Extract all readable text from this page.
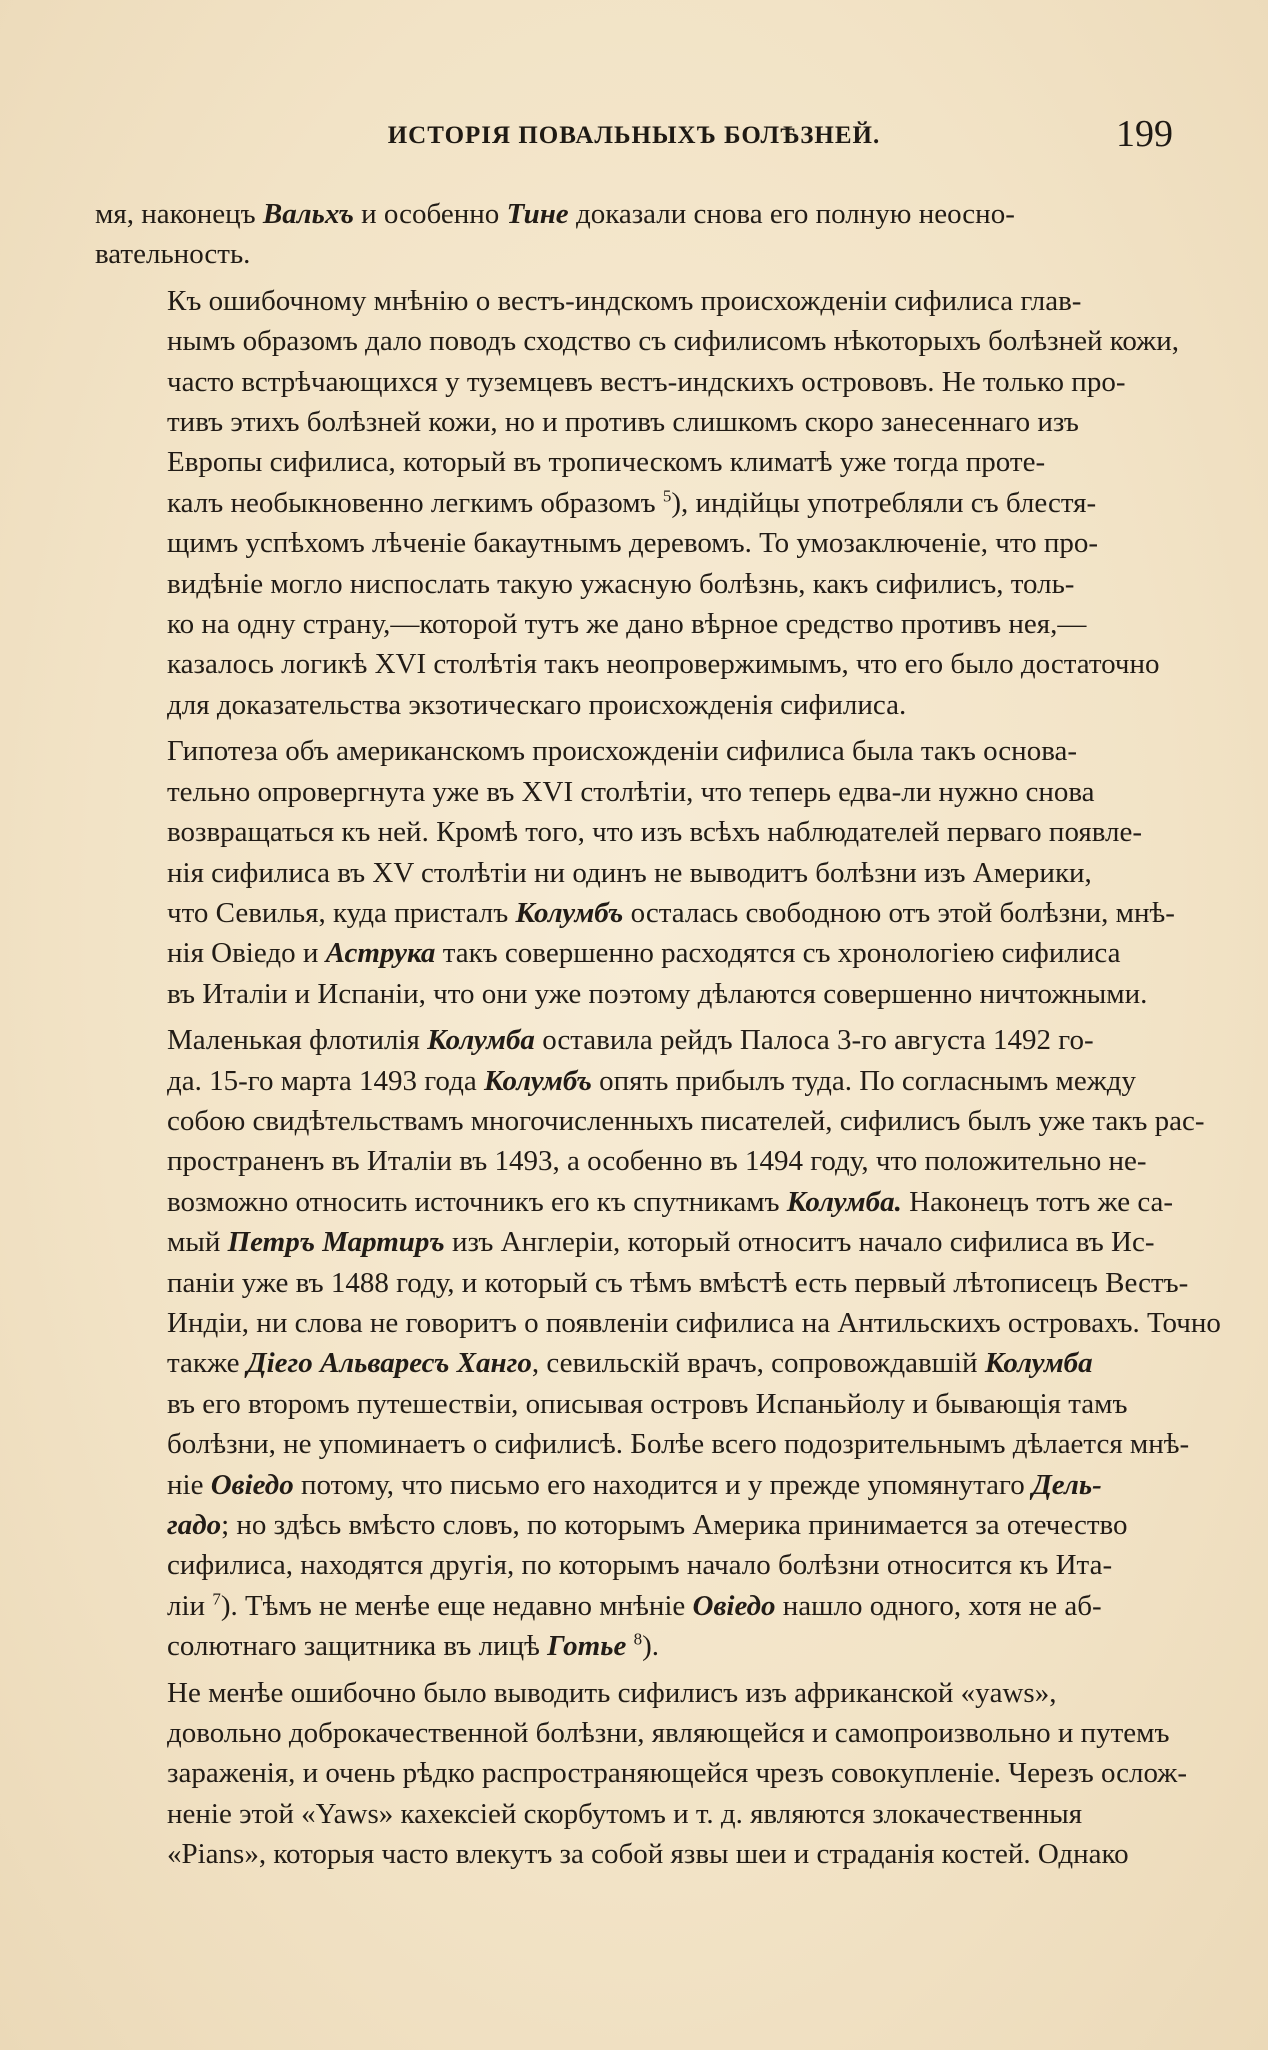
ИСТОРІЯ ПОВАЛЬНЫХЪ БОЛѢЗНЕЙ.	199

мя, наконецъ Вальхъ и особенно Тине доказали снова его полную неосно-
вательность.

Къ ошибочному мнѣнію о вестъ-индскомъ происхожденіи сифилиса глав-
нымъ образомъ дало поводъ сходство съ сифилисомъ нѣкоторыхъ болѣзней кожи,
часто встрѣчающихся у туземцевъ вестъ-индскихъ острововъ. Не только про-
тивъ этихъ болѣзней кожи, но и противъ слишкомъ скоро занесеннаго изъ
Европы сифилиса, который въ тропическомъ климатѣ уже тогда проте-
калъ необыкновенно легкимъ образомъ $^5$), индійцы употребляли съ блестя-
щимъ успѣхомъ лѣченіе бакаутнымъ деревомъ. То умозаключеніе, что про-
видѣніе могло ниспослать такую ужасную болѣзнь, какъ сифилисъ, толь-
ко на одну страну,—которой тутъ же дано вѣрное средство противъ нея,—
казалось логикѣ XVI столѣтія такъ неопровержимымъ, что его было достаточно
для доказательства экзотическаго происхожденія сифилиса.

Гипотеза объ американскомъ происхожденіи сифилиса была такъ основа-
тельно опровергнута уже въ XVI столѣтіи, что теперь едва-ли нужно снова
возвращаться къ ней. Кромѣ того, что изъ всѣхъ наблюдателей перваго появле-
нія сифилиса въ XV столѣтіи ни одинъ не выводитъ болѣзни изъ Америки,
что Севилья, куда присталъ Колумбъ осталась свободною отъ этой болѣзни, мнѣ-
нія Овіедо и Аструка такъ совершенно расходятся съ хронологіею сифилиса
въ Италіи и Испаніи, что они уже поэтому дѣлаются совершенно ничтожными.

Маленькая флотилія Колумба оставила рейдъ Палоса 3-го августа 1492 го-
да. 15-го марта 1493 года Колумбъ опять прибылъ туда. По согласнымъ между
собою свидѣтельствамъ многочисленныхъ писателей, сифилисъ былъ уже такъ рас-
пространенъ въ Италіи въ 1493, а особенно въ 1494 году, что положительно не-
возможно относить источникъ его къ спутникамъ Колумба. Наконецъ тотъ же са-
мый Петръ Мартиръ изъ Англеріи, который относитъ начало сифилиса въ Ис-
паніи уже въ 1488 году, и который съ тѣмъ вмѣстѣ есть первый лѣтописецъ Вестъ-
Индіи, ни слова не говоритъ о появленіи сифилиса на Антильскихъ островахъ. Точно
также Діего Альваресъ Ханго, севильскій врачъ, сопровождавшій Колумба
въ его второмъ путешествіи, описывая островъ Испаньйолу и бывающія тамъ
болѣзни, не упоминаетъ о сифилисѣ. Болѣе всего подозрительнымъ дѣлается мнѣ-
ніе Овіедо потому, что письмо его находится и у прежде упомянутаго Дель-
гадо; но здѣсь вмѣсто словъ, по которымъ Америка принимается за отечество
сифилиса, находятся другія, по которымъ начало болѣзни относится къ Ита-
ліи $^7$). Тѣмъ не менѣе еще недавно мнѣніе Овіедо нашло одного, хотя не аб-
солютнаго защитника въ лицѣ Готье $^8$).

Не менѣе ошибочно было выводить сифилисъ изъ африканской «yaws»,
довольно доброкачественной болѣзни, являющейся и самопроизвольно и путемъ
зараженія, и очень рѣдко распространяющейся чрезъ совокупленіе. Черезъ ослож-
неніе этой «Yaws» кахексіей скорбутомъ и т. д. являются злокачественныя
«Pians», которыя часто влекутъ за собой язвы шеи и страданія костей. Однако
